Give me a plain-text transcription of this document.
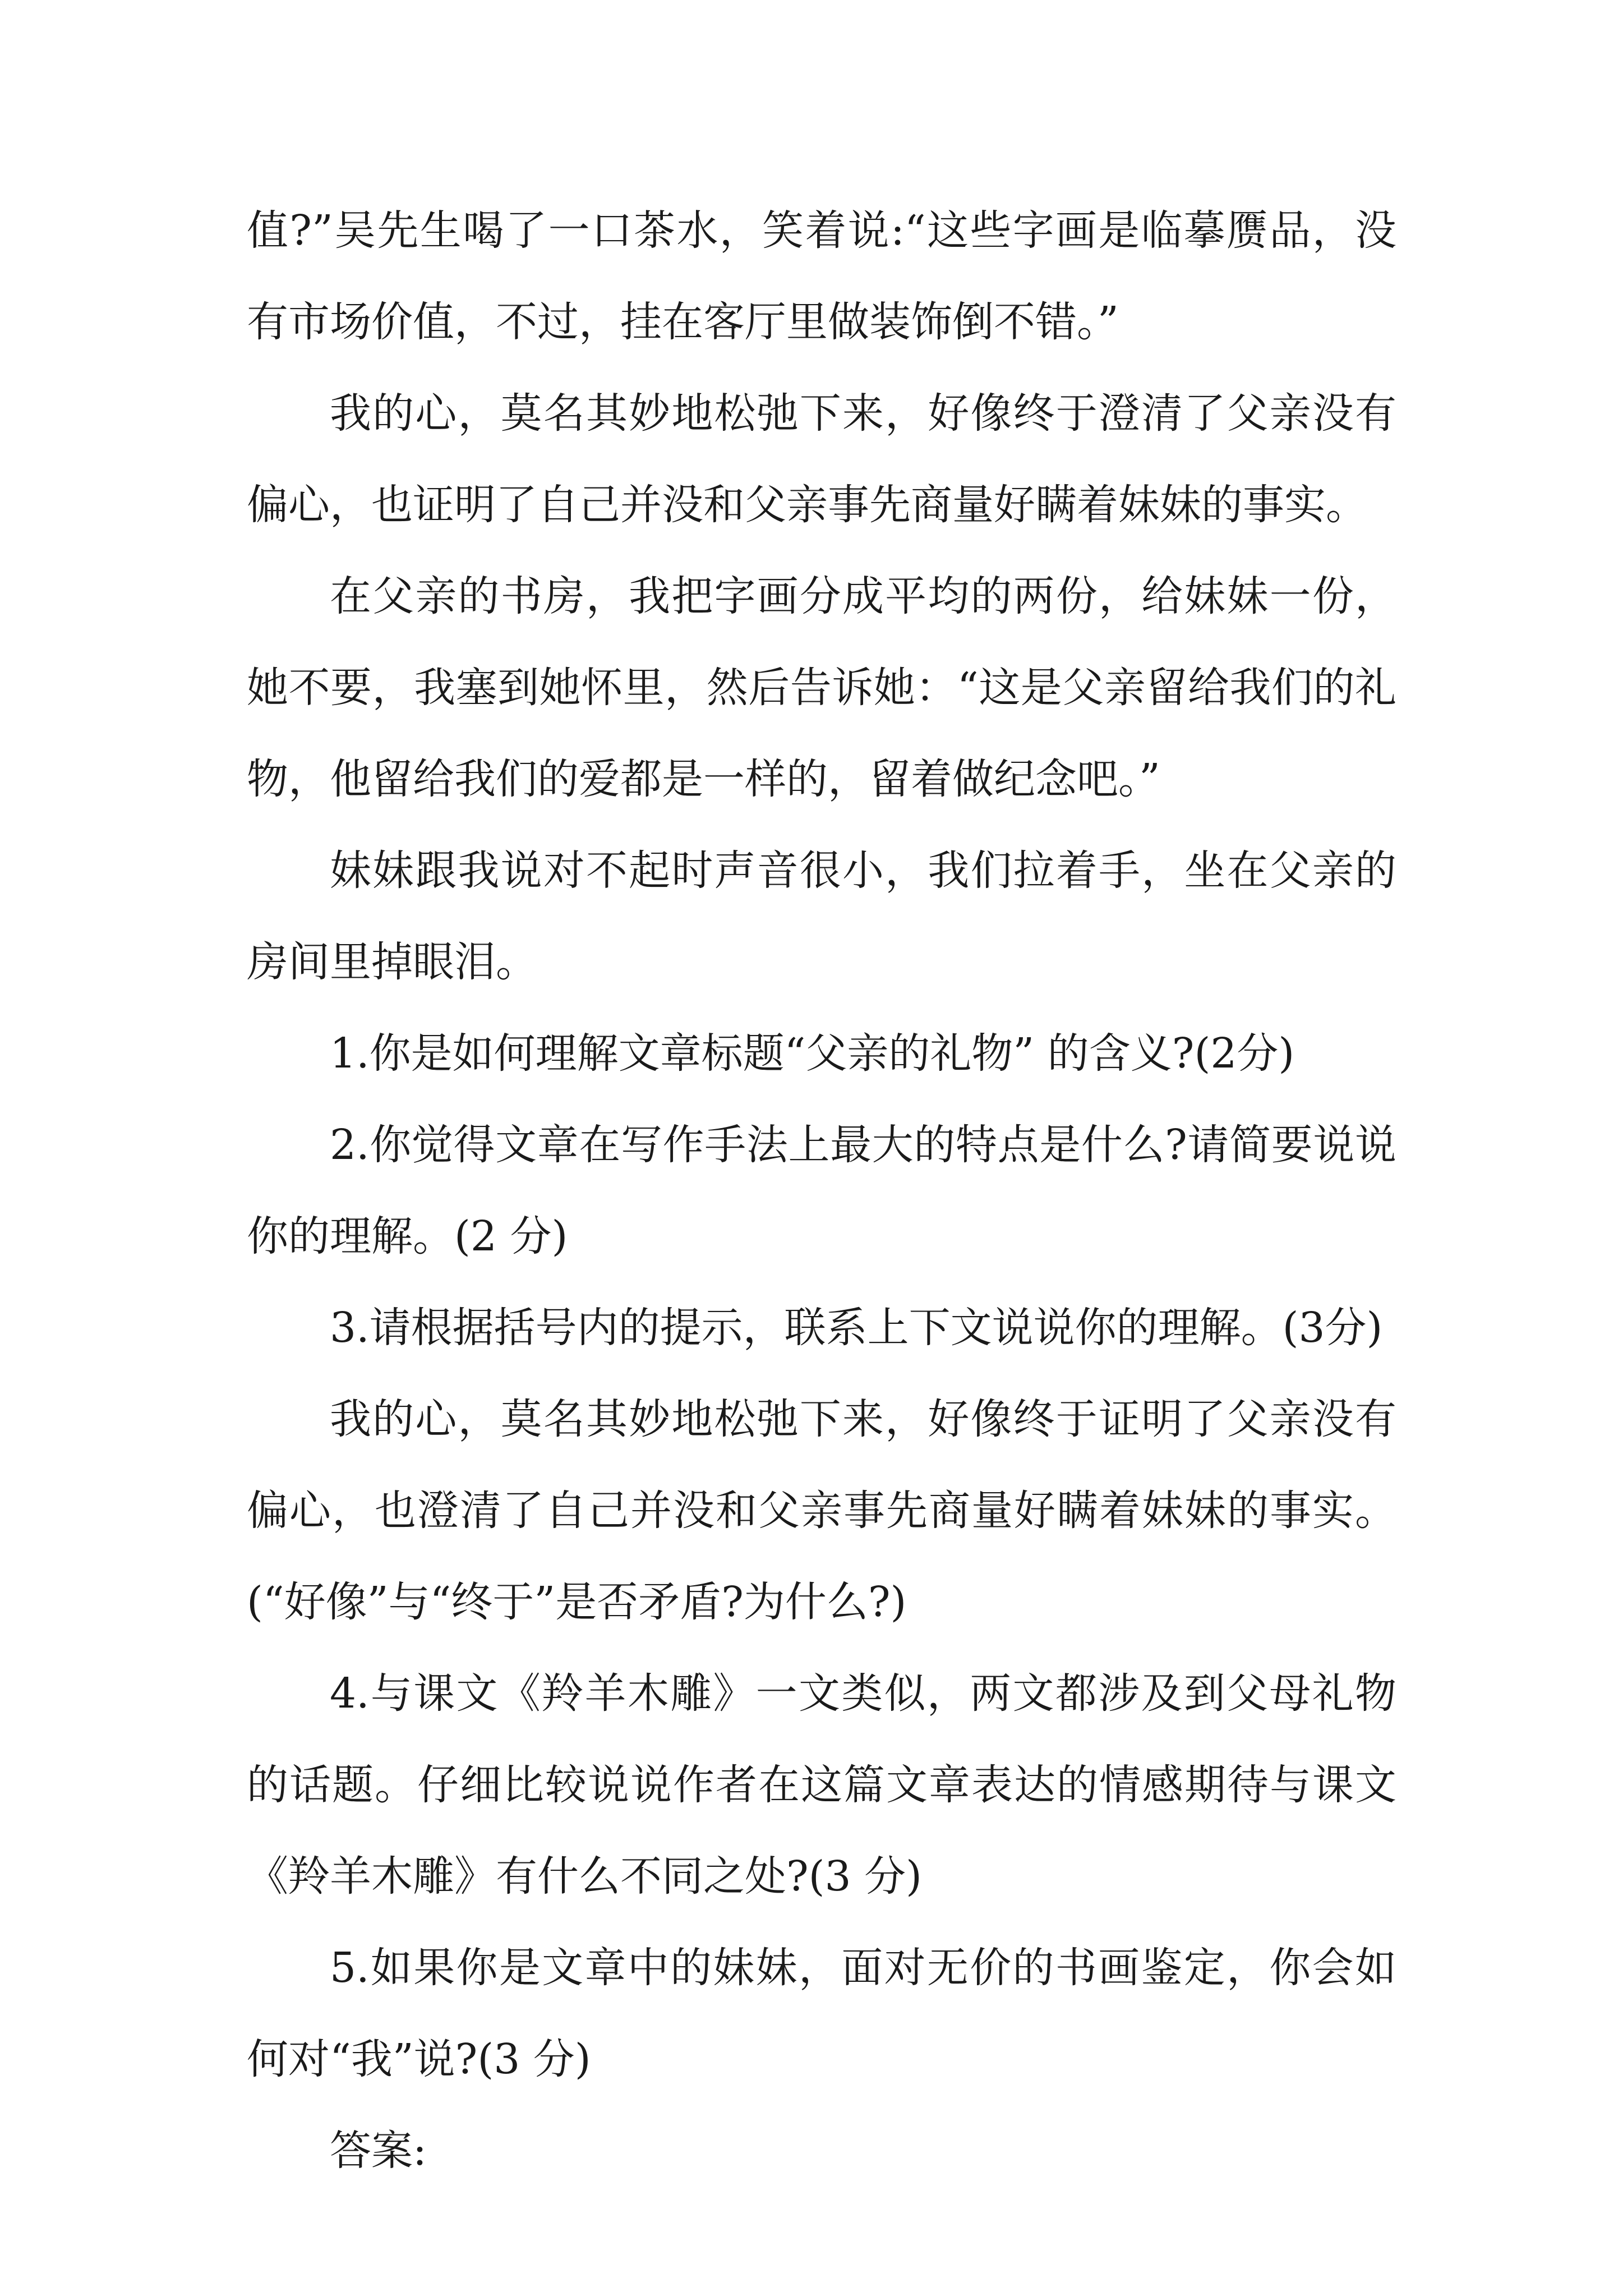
值?”吴先生喝了一口茶水，笑着说:“这些字画是临摹赝品，没有市场价值，不过，挂在客厅里做装饰倒不错。”

我的心，莫名其妙地松弛下来，好像终于澄清了父亲没有偏心，也证明了自己并没和父亲事先商量好瞒着妹妹的事实。

在父亲的书房，我把字画分成平均的两份，给妹妹一份，她不要，我塞到她怀里，然后告诉她：“这是父亲留给我们的礼物，他留给我们的爱都是一样的，留着做纪念吧。”

妹妹跟我说对不起时声音很小，我们拉着手，坐在父亲的房间里掉眼泪。

1.你是如何理解文章标题“父亲的礼物” 的含义?(2分)

2.你觉得文章在写作手法上最大的特点是什么?请简要说说你的理解。(2 分)

3.请根据括号内的提示，联系上下文说说你的理解。(3分)

我的心，莫名其妙地松弛下来，好像终于证明了父亲没有偏心，也澄清了自己并没和父亲事先商量好瞒着妹妹的事实。(“好像”与“终于”是否矛盾?为什么?)

4.与课文《羚羊木雕》一文类似，两文都涉及到父母礼物的话题。仔细比较说说作者在这篇文章表达的情感期待与课文《羚羊木雕》有什么不同之处?(3 分)

5.如果你是文章中的妹妹，面对无价的书画鉴定，你会如何对“我”说?(3 分)

答案:
